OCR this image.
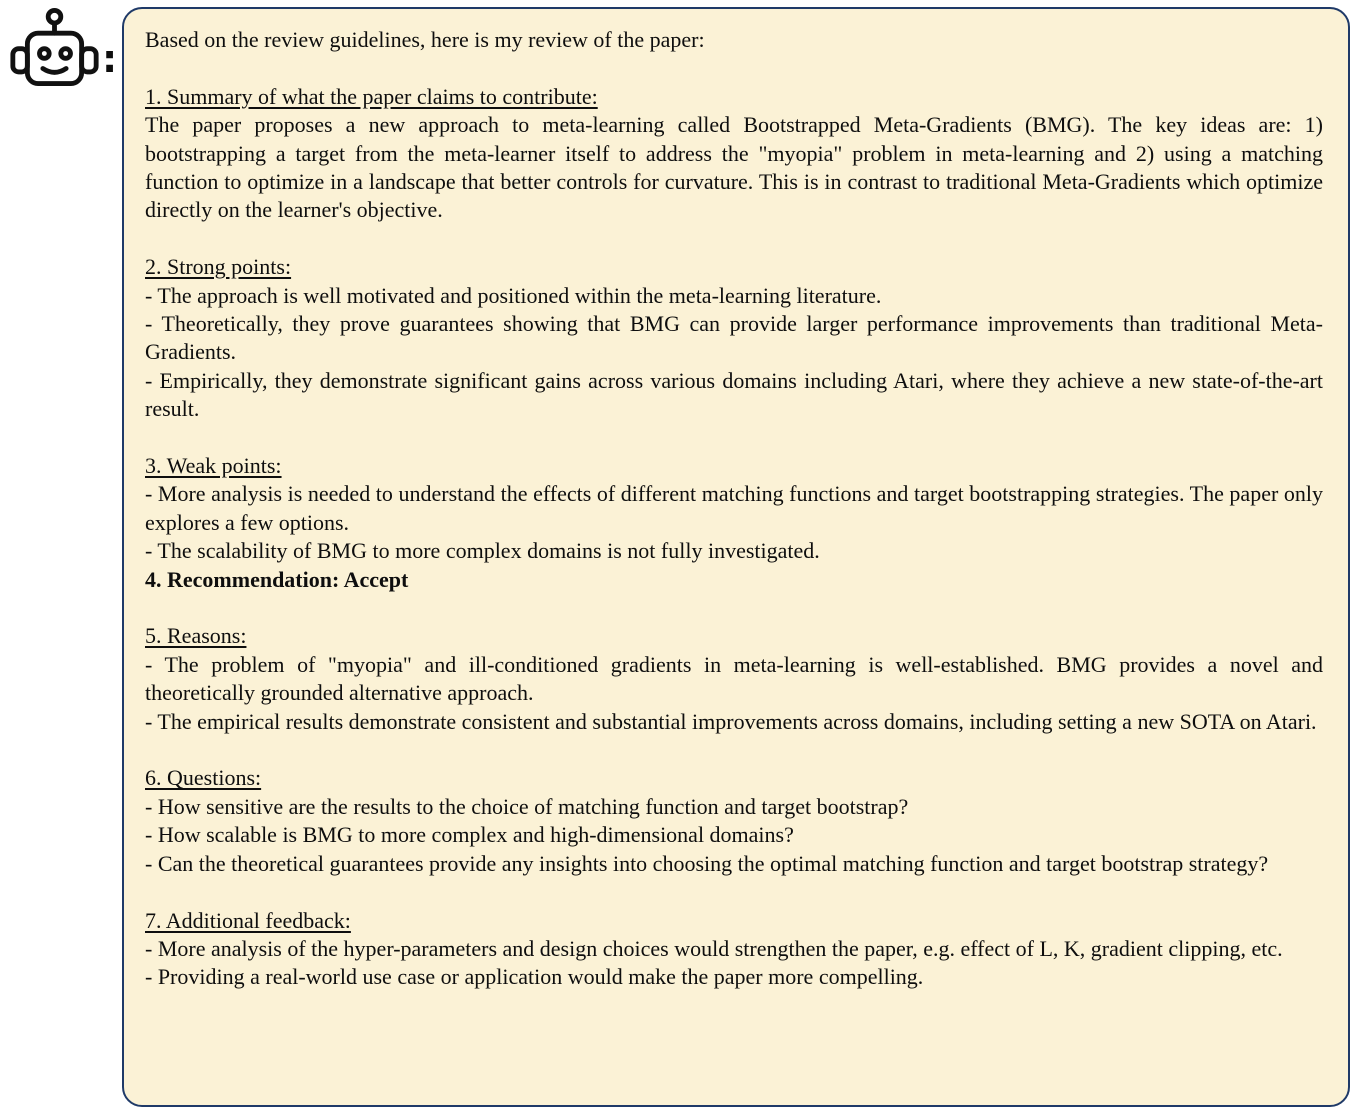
: Based on the review guidelines, here is my review of the paper:

1. Summary of what the paper claims to contribute:

The paper proposes a new approach to meta-learning called Bootstrapped Meta-Gradients (BMG). The key ideas are: 1) bootstrapping a target from the meta-learner itself to address the "myopia" problem in meta-learning and 2) using a matching function to optimize in a landscape that better controls for curvature. This is in contrast to traditional Meta-Gradients which optimize directly on the learner's objective.

2. Strong points:

- The approach is well motivated and positioned within the meta-learning literature.

- Theoretically, they prove guarantees showing that BMG can provide larger performance improvements than traditional Meta-Gradients.

- Empirically, they demonstrate significant gains across various domains including Atari, where they achieve a new state-of-the-art result.

3. Weak points:

- More analysis is needed to understand the effects of different matching functions and target bootstrapping strategies. The paper only explores a few options.

- The scalability of BMG to more complex domains is not fully investigated.

4. Recommendation: Accept

5. Reasons:

- The problem of "myopia" and ill-conditioned gradients in meta-learning is well-established. BMG provides a novel and theoretically grounded alternative approach.

- The empirical results demonstrate consistent and substantial improvements across domains, including setting a new SOTA on Atari.

6. Questions:

- How sensitive are the results to the choice of matching function and target bootstrap?

- How scalable is BMG to more complex and high-dimensional domains?

- Can the theoretical guarantees provide any insights into choosing the optimal matching function and target bootstrap strategy?

7. Additional feedback:

- More analysis of the hyper-parameters and design choices would strengthen the paper, e.g. effect of L, K, gradient clipping, etc.

- Providing a real-world use case or application would make the paper more compelling.
